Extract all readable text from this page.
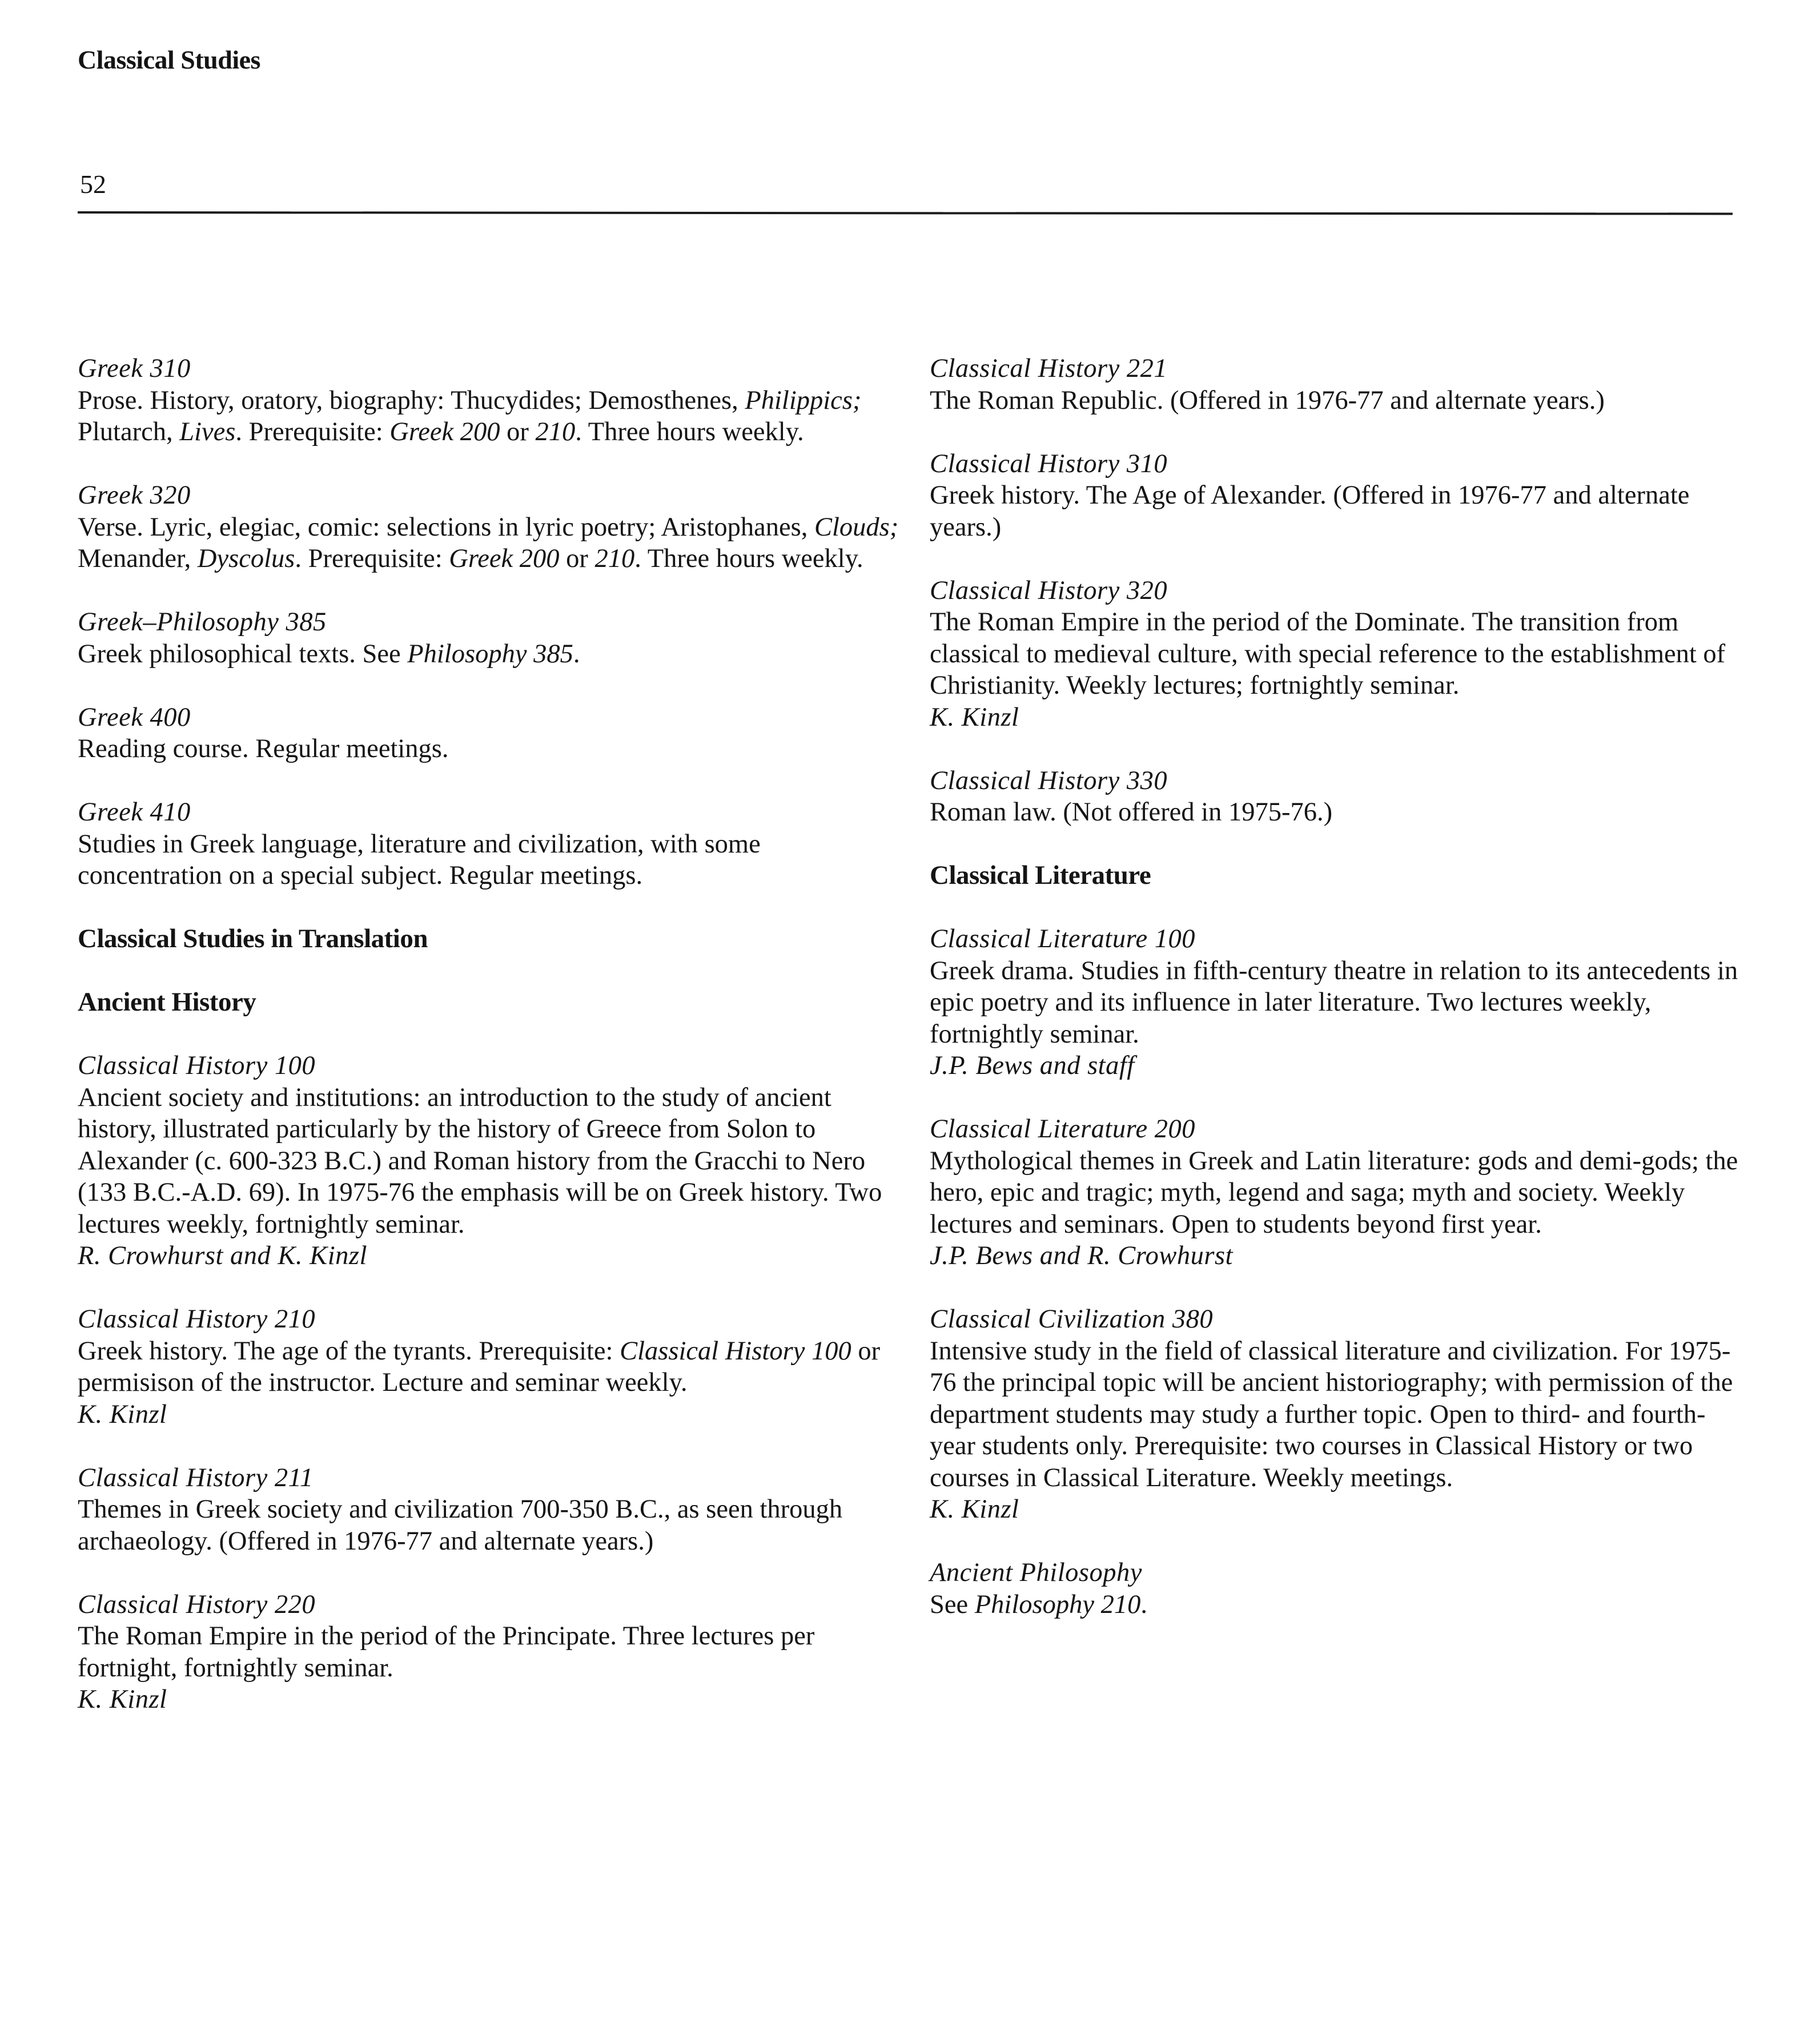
Classical Studies
52
Greek 310
Prose. History, oratory, biography: Thucydides; Demosthenes, Philippics; Plutarch, Lives. Prerequisite: Greek 200 or 210. Three hours weekly.
Greek 320
Verse. Lyric, elegiac, comic: selections in lyric poetry; Aristophanes, Clouds; Menander, Dyscolus. Prerequisite: Greek 200 or 210. Three hours weekly.
Greek–Philosophy 385
Greek philosophical texts. See Philosophy 385.
Greek 400
Reading course. Regular meetings.
Greek 410
Studies in Greek language, literature and civilization, with some concentration on a special subject. Regular meetings.
Classical Studies in Translation
Ancient History
Classical History 100
Ancient society and institutions: an introduction to the study of ancient history, illustrated particularly by the history of Greece from Solon to Alexander (c. 600-323 B.C.) and Roman history from the Gracchi to Nero (133 B.C.-A.D. 69). In 1975-76 the emphasis will be on Greek history. Two lectures weekly, fortnightly seminar.
R. Crowhurst and K. Kinzl
Classical History 210
Greek history. The age of the tyrants. Prerequisite: Classical History 100 or permisison of the instructor. Lecture and seminar weekly.
K. Kinzl
Classical History 211
Themes in Greek society and civilization 700-350 B.C., as seen through archaeology. (Offered in 1976-77 and alternate years.)
Classical History 220
The Roman Empire in the period of the Principate. Three lectures per fortnight, fortnightly seminar.
K. Kinzl
Classical History 221
The Roman Republic. (Offered in 1976-77 and alternate years.)
Classical History 310
Greek history. The Age of Alexander. (Offered in 1976-77 and alternate years.)
Classical History 320
The Roman Empire in the period of the Dominate. The transition from classical to medieval culture, with special reference to the establishment of Christianity. Weekly lectures; fortnightly seminar.
K. Kinzl
Classical History 330
Roman law. (Not offered in 1975-76.)
Classical Literature
Classical Literature 100
Greek drama. Studies in fifth-century theatre in relation to its antecedents in epic poetry and its influence in later literature. Two lectures weekly, fortnightly seminar.
J.P. Bews and staff
Classical Literature 200
Mythological themes in Greek and Latin literature: gods and demi-gods; the hero, epic and tragic; myth, legend and saga; myth and society. Weekly lectures and seminars. Open to students beyond first year.
J.P. Bews and R. Crowhurst
Classical Civilization 380
Intensive study in the field of classical literature and civilization. For 1975-76 the principal topic will be ancient historiography; with permission of the department students may study a further topic. Open to third- and fourth-year students only. Prerequisite: two courses in Classical History or two courses in Classical Literature. Weekly meetings.
K. Kinzl
Ancient Philosophy
See Philosophy 210.
